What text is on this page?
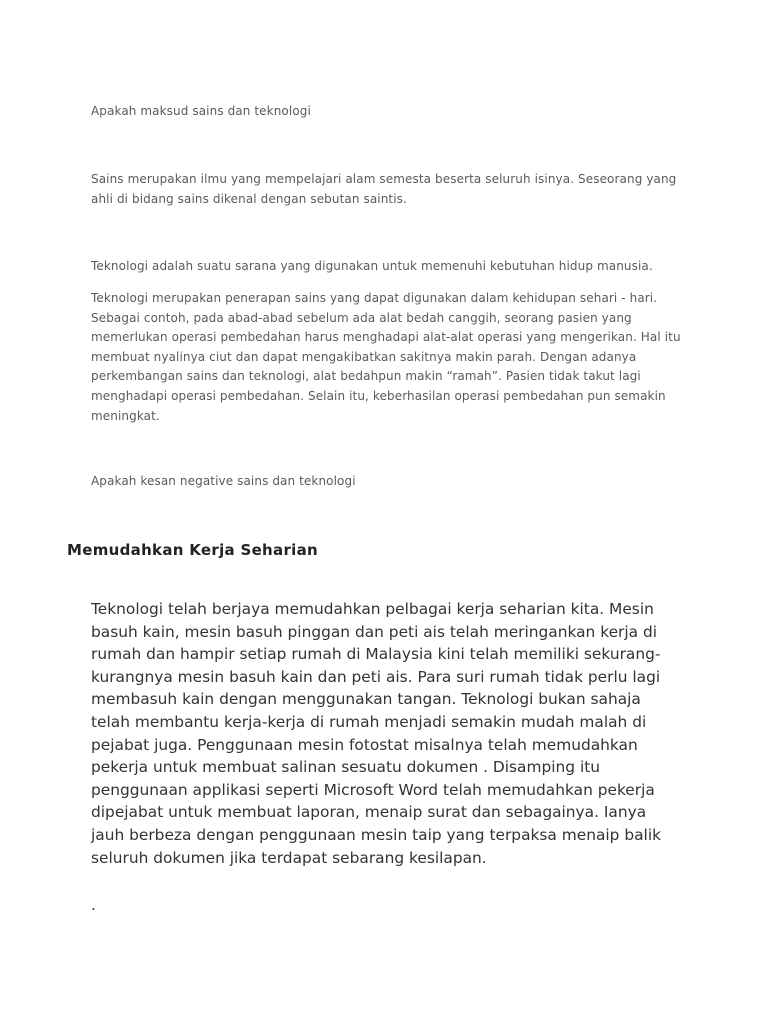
Apakah maksud sains dan teknologi

Sains merupakan ilmu yang mempelajari alam semesta beserta seluruh isinya. Seseorang yang
ahli di bidang sains dikenal dengan sebutan saintis.

Teknologi adalah suatu sarana yang digunakan untuk memenuhi kebutuhan hidup manusia.

Teknologi merupakan penerapan sains yang dapat digunakan dalam kehidupan sehari - hari.
Sebagai contoh, pada abad-abad sebelum ada alat bedah canggih, seorang pasien yang
memerlukan operasi pembedahan harus menghadapi alat-alat operasi yang mengerikan. Hal itu
membuat nyalinya ciut dan dapat mengakibatkan sakitnya makin parah. Dengan adanya
perkembangan sains dan teknologi, alat bedahpun makin “ramah”. Pasien tidak takut lagi
menghadapi operasi pembedahan. Selain itu, keberhasilan operasi pembedahan pun semakin
meningkat.

Apakah kesan negative sains dan teknologi

Memudahkan Kerja Seharian

Teknologi telah berjaya memudahkan pelbagai kerja seharian kita. Mesin
basuh kain, mesin basuh pinggan dan peti ais telah meringankan kerja di
rumah dan hampir setiap rumah di Malaysia kini telah memiliki sekurang-
kurangnya mesin basuh kain dan peti ais. Para suri rumah tidak perlu lagi
membasuh kain dengan menggunakan tangan. Teknologi bukan sahaja
telah membantu kerja-kerja di rumah menjadi semakin mudah malah di
pejabat juga. Penggunaan mesin fotostat misalnya telah memudahkan
pekerja untuk membuat salinan sesuatu dokumen . Disamping itu
penggunaan applikasi seperti Microsoft Word telah memudahkan pekerja
dipejabat untuk membuat laporan, menaip surat dan sebagainya. Ianya
jauh berbeza dengan penggunaan mesin taip yang terpaksa menaip balik
seluruh dokumen jika terdapat sebarang kesilapan.

.
